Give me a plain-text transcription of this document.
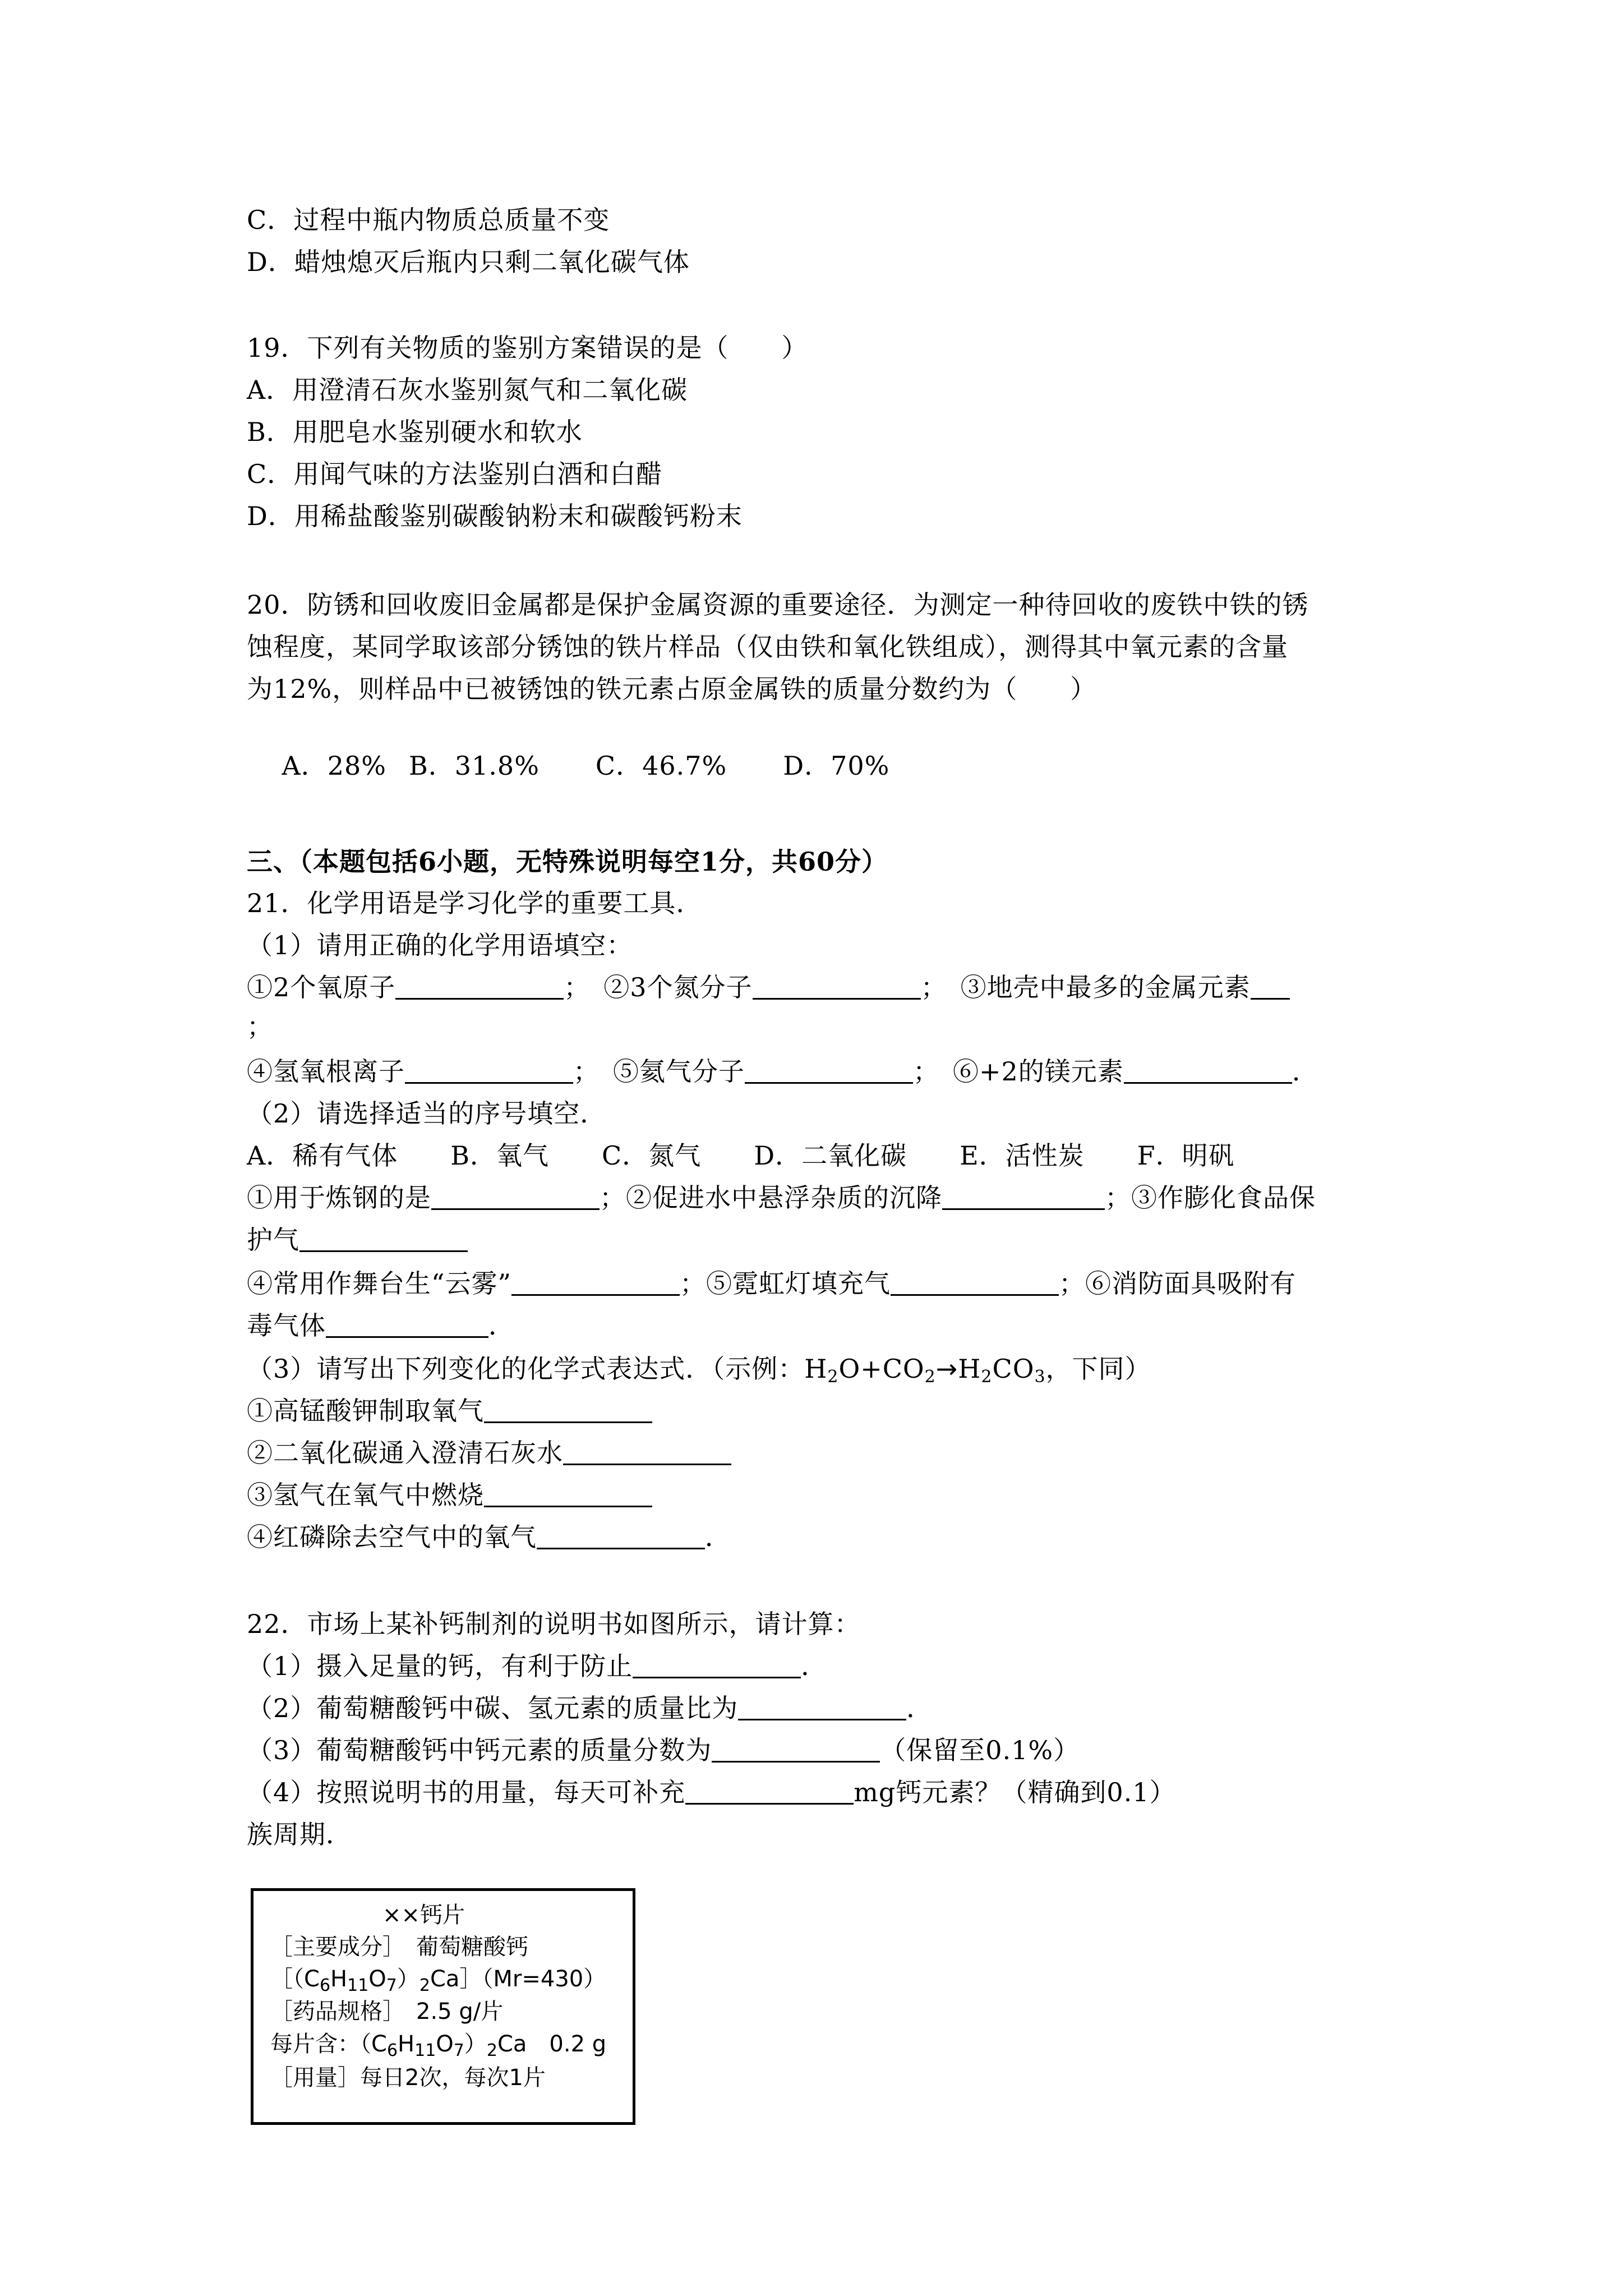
C．过程中瓶内物质总质量不变
D．蜡烛熄灭后瓶内只剩二氧化碳气体
19．下列有关物质的鉴别方案错误的是（　　）
A．用澄清石灰水鉴别氮气和二氧化碳
B．用肥皂水鉴别硬水和软水
C．用闻气味的方法鉴别白酒和白醋
D．用稀盐酸鉴别碳酸钠粉末和碳酸钙粉末
20．防锈和回收废旧金属都是保护金属资源的重要途径．为测定一种待回收的废铁中铁的锈
蚀程度，某同学取该部分锈蚀的铁片样品（仅由铁和氧化铁组成），测得其中氧元素的含量
为12%，则样品中已被锈蚀的铁元素占原金属铁的质量分数约为（　　）

A．28% B．31.8% C．46.7% D．70%

三、（本题包括6小题，无特殊说明每空1分，共60分）
21．化学用语是学习化学的重要工具．
（1）请用正确的化学用语填空：
①2个氧原子	；　②3个氮分子	；　③地壳中最多的金属元素
；
④氢氧根离子	；　⑤氦气分子	；　⑥+2的镁元素	．
（2）请选择适当的序号填空．
A．稀有气体　　B．氧气　　C．氮气　　D．二氧化碳　　E．活性炭　　F．明矾
①用于炼钢的是	；②促进水中悬浮杂质的沉降	；③作膨化食品保
护气
④常用作舞台生“云雾”	；⑤霓虹灯填充气	；⑥消防面具吸附有
毒气体	．
（3）请写出下列变化的化学式表达式．（示例：$H_2O+CO_2\to H_2CO_3$，下同）
①高锰酸钾制取氧气
②二氧化碳通入澄清石灰水
③氢气在氧气中燃烧
④红磷除去空气中的氧气	．
22．市场上某补钙制剂的说明书如图所示，请计算：
（1）摄入足量的钙，有利于防止	．
（2）葡萄糖酸钙中碳、氢元素的质量比为	．
（3）葡萄糖酸钙中钙元素的质量分数为	（保留至0.1%）
（4）按照说明书的用量，每天可补充	mg钙元素？（精确到0.1）
族周期．
××钙片
［主要成分］　 葡萄糖酸钙
$[(C_6H_{11}O_7)_2Ca](Mr=430)$
［药品规格］　2.5 g/片
每片含：$(C_6H_{11}O_7)_2Ca$　0.2 g
［用量］每日2次，每次1片
